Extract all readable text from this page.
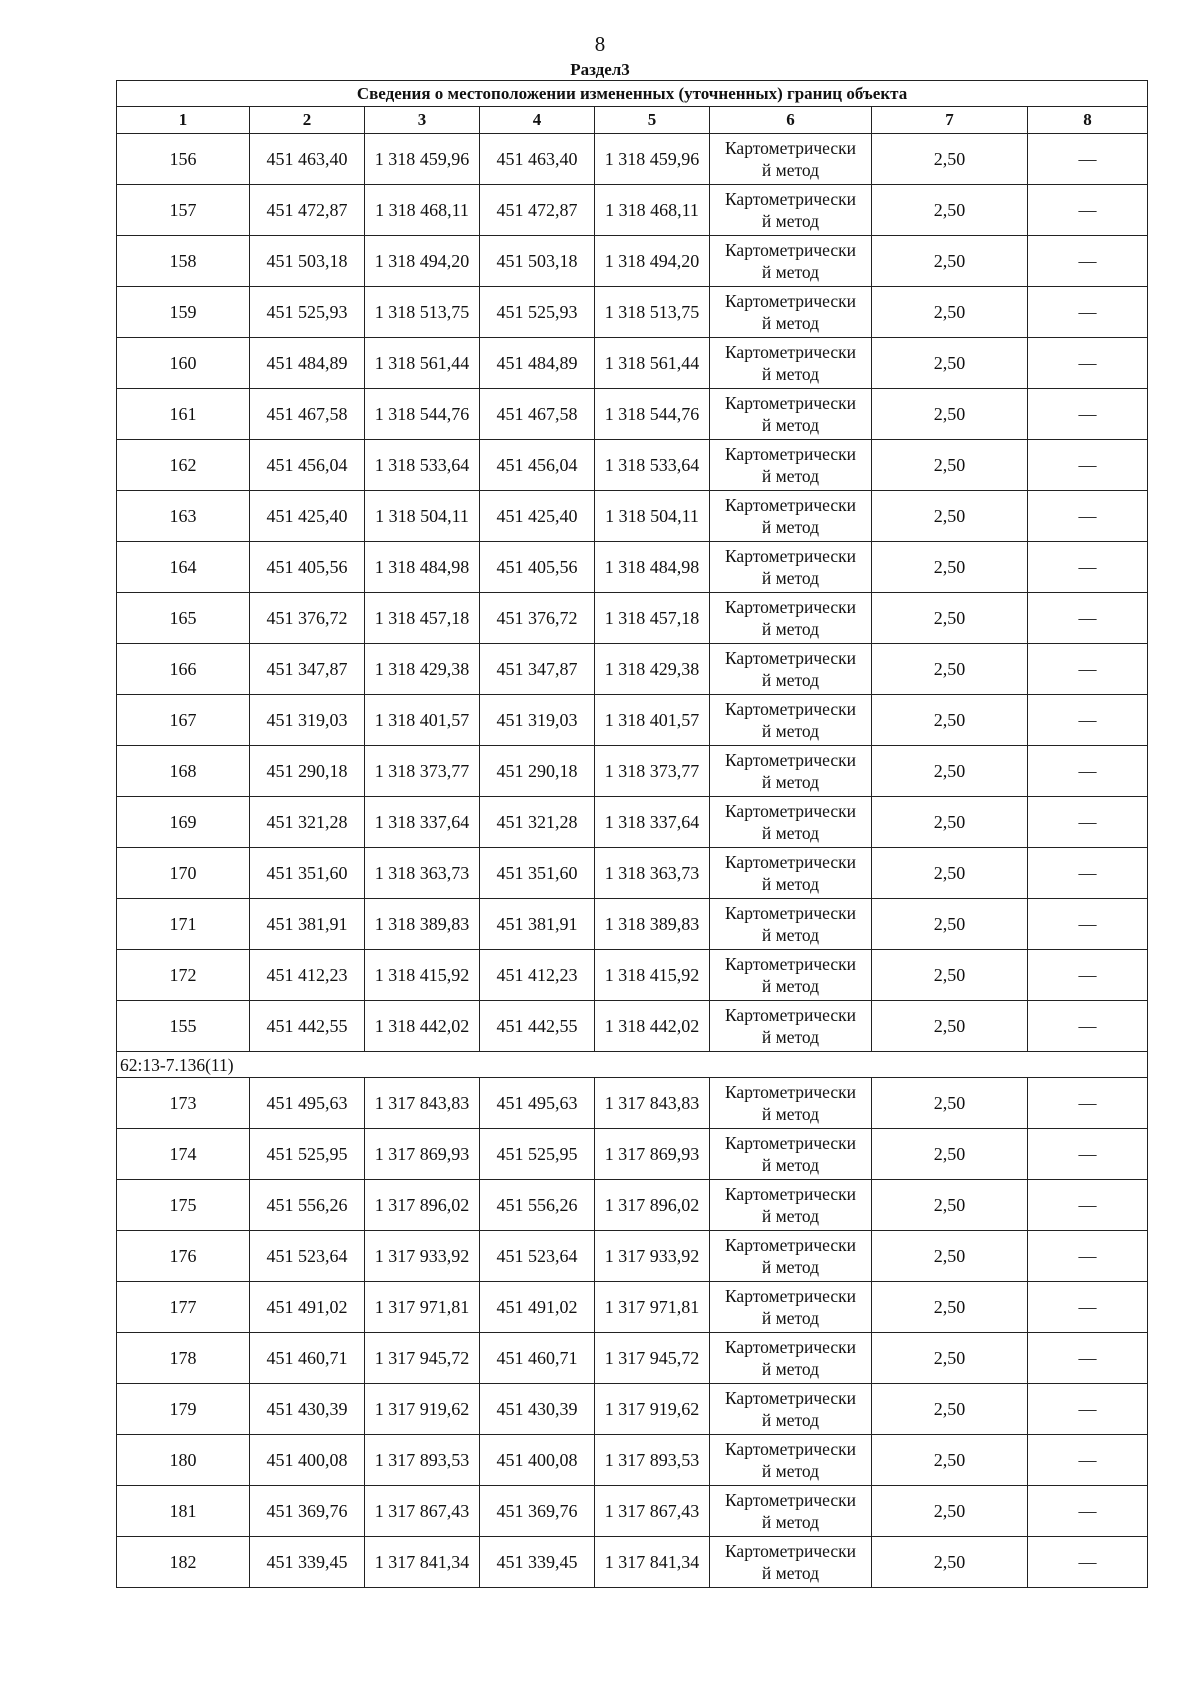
8
Раздел3
Сведения о местоположении измененных (уточненных) границ объекта							
1	2	3	4	5	6	7	8
156	451 463,40	1 318 459,96	451 463,40	1 318 459,96	Картометрически
й метод	2,50	—
157	451 472,87	1 318 468,11	451 472,87	1 318 468,11	Картометрически
й метод	2,50	—
158	451 503,18	1 318 494,20	451 503,18	1 318 494,20	Картометрически
й метод	2,50	—
159	451 525,93	1 318 513,75	451 525,93	1 318 513,75	Картометрически
й метод	2,50	—
160	451 484,89	1 318 561,44	451 484,89	1 318 561,44	Картометрически
й метод	2,50	—
161	451 467,58	1 318 544,76	451 467,58	1 318 544,76	Картометрически
й метод	2,50	—
162	451 456,04	1 318 533,64	451 456,04	1 318 533,64	Картометрически
й метод	2,50	—
163	451 425,40	1 318 504,11	451 425,40	1 318 504,11	Картометрически
й метод	2,50	—
164	451 405,56	1 318 484,98	451 405,56	1 318 484,98	Картометрически
й метод	2,50	—
165	451 376,72	1 318 457,18	451 376,72	1 318 457,18	Картометрически
й метод	2,50	—
166	451 347,87	1 318 429,38	451 347,87	1 318 429,38	Картометрически
й метод	2,50	—
167	451 319,03	1 318 401,57	451 319,03	1 318 401,57	Картометрически
й метод	2,50	—
168	451 290,18	1 318 373,77	451 290,18	1 318 373,77	Картометрически
й метод	2,50	—
169	451 321,28	1 318 337,64	451 321,28	1 318 337,64	Картометрически
й метод	2,50	—
170	451 351,60	1 318 363,73	451 351,60	1 318 363,73	Картометрически
й метод	2,50	—
171	451 381,91	1 318 389,83	451 381,91	1 318 389,83	Картометрически
й метод	2,50	—
172	451 412,23	1 318 415,92	451 412,23	1 318 415,92	Картометрически
й метод	2,50	—
155	451 442,55	1 318 442,02	451 442,55	1 318 442,02	Картометрически
й метод	2,50	—
62:13-7.136(11)							
173	451 495,63	1 317 843,83	451 495,63	1 317 843,83	Картометрически
й метод	2,50	—
174	451 525,95	1 317 869,93	451 525,95	1 317 869,93	Картометрически
й метод	2,50	—
175	451 556,26	1 317 896,02	451 556,26	1 317 896,02	Картометрически
й метод	2,50	—
176	451 523,64	1 317 933,92	451 523,64	1 317 933,92	Картометрически
й метод	2,50	—
177	451 491,02	1 317 971,81	451 491,02	1 317 971,81	Картометрически
й метод	2,50	—
178	451 460,71	1 317 945,72	451 460,71	1 317 945,72	Картометрически
й метод	2,50	—
179	451 430,39	1 317 919,62	451 430,39	1 317 919,62	Картометрически
й метод	2,50	—
180	451 400,08	1 317 893,53	451 400,08	1 317 893,53	Картометрически
й метод	2,50	—
181	451 369,76	1 317 867,43	451 369,76	1 317 867,43	Картометрически
й метод	2,50	—
182	451 339,45	1 317 841,34	451 339,45	1 317 841,34	Картометрически
й метод	2,50	—
